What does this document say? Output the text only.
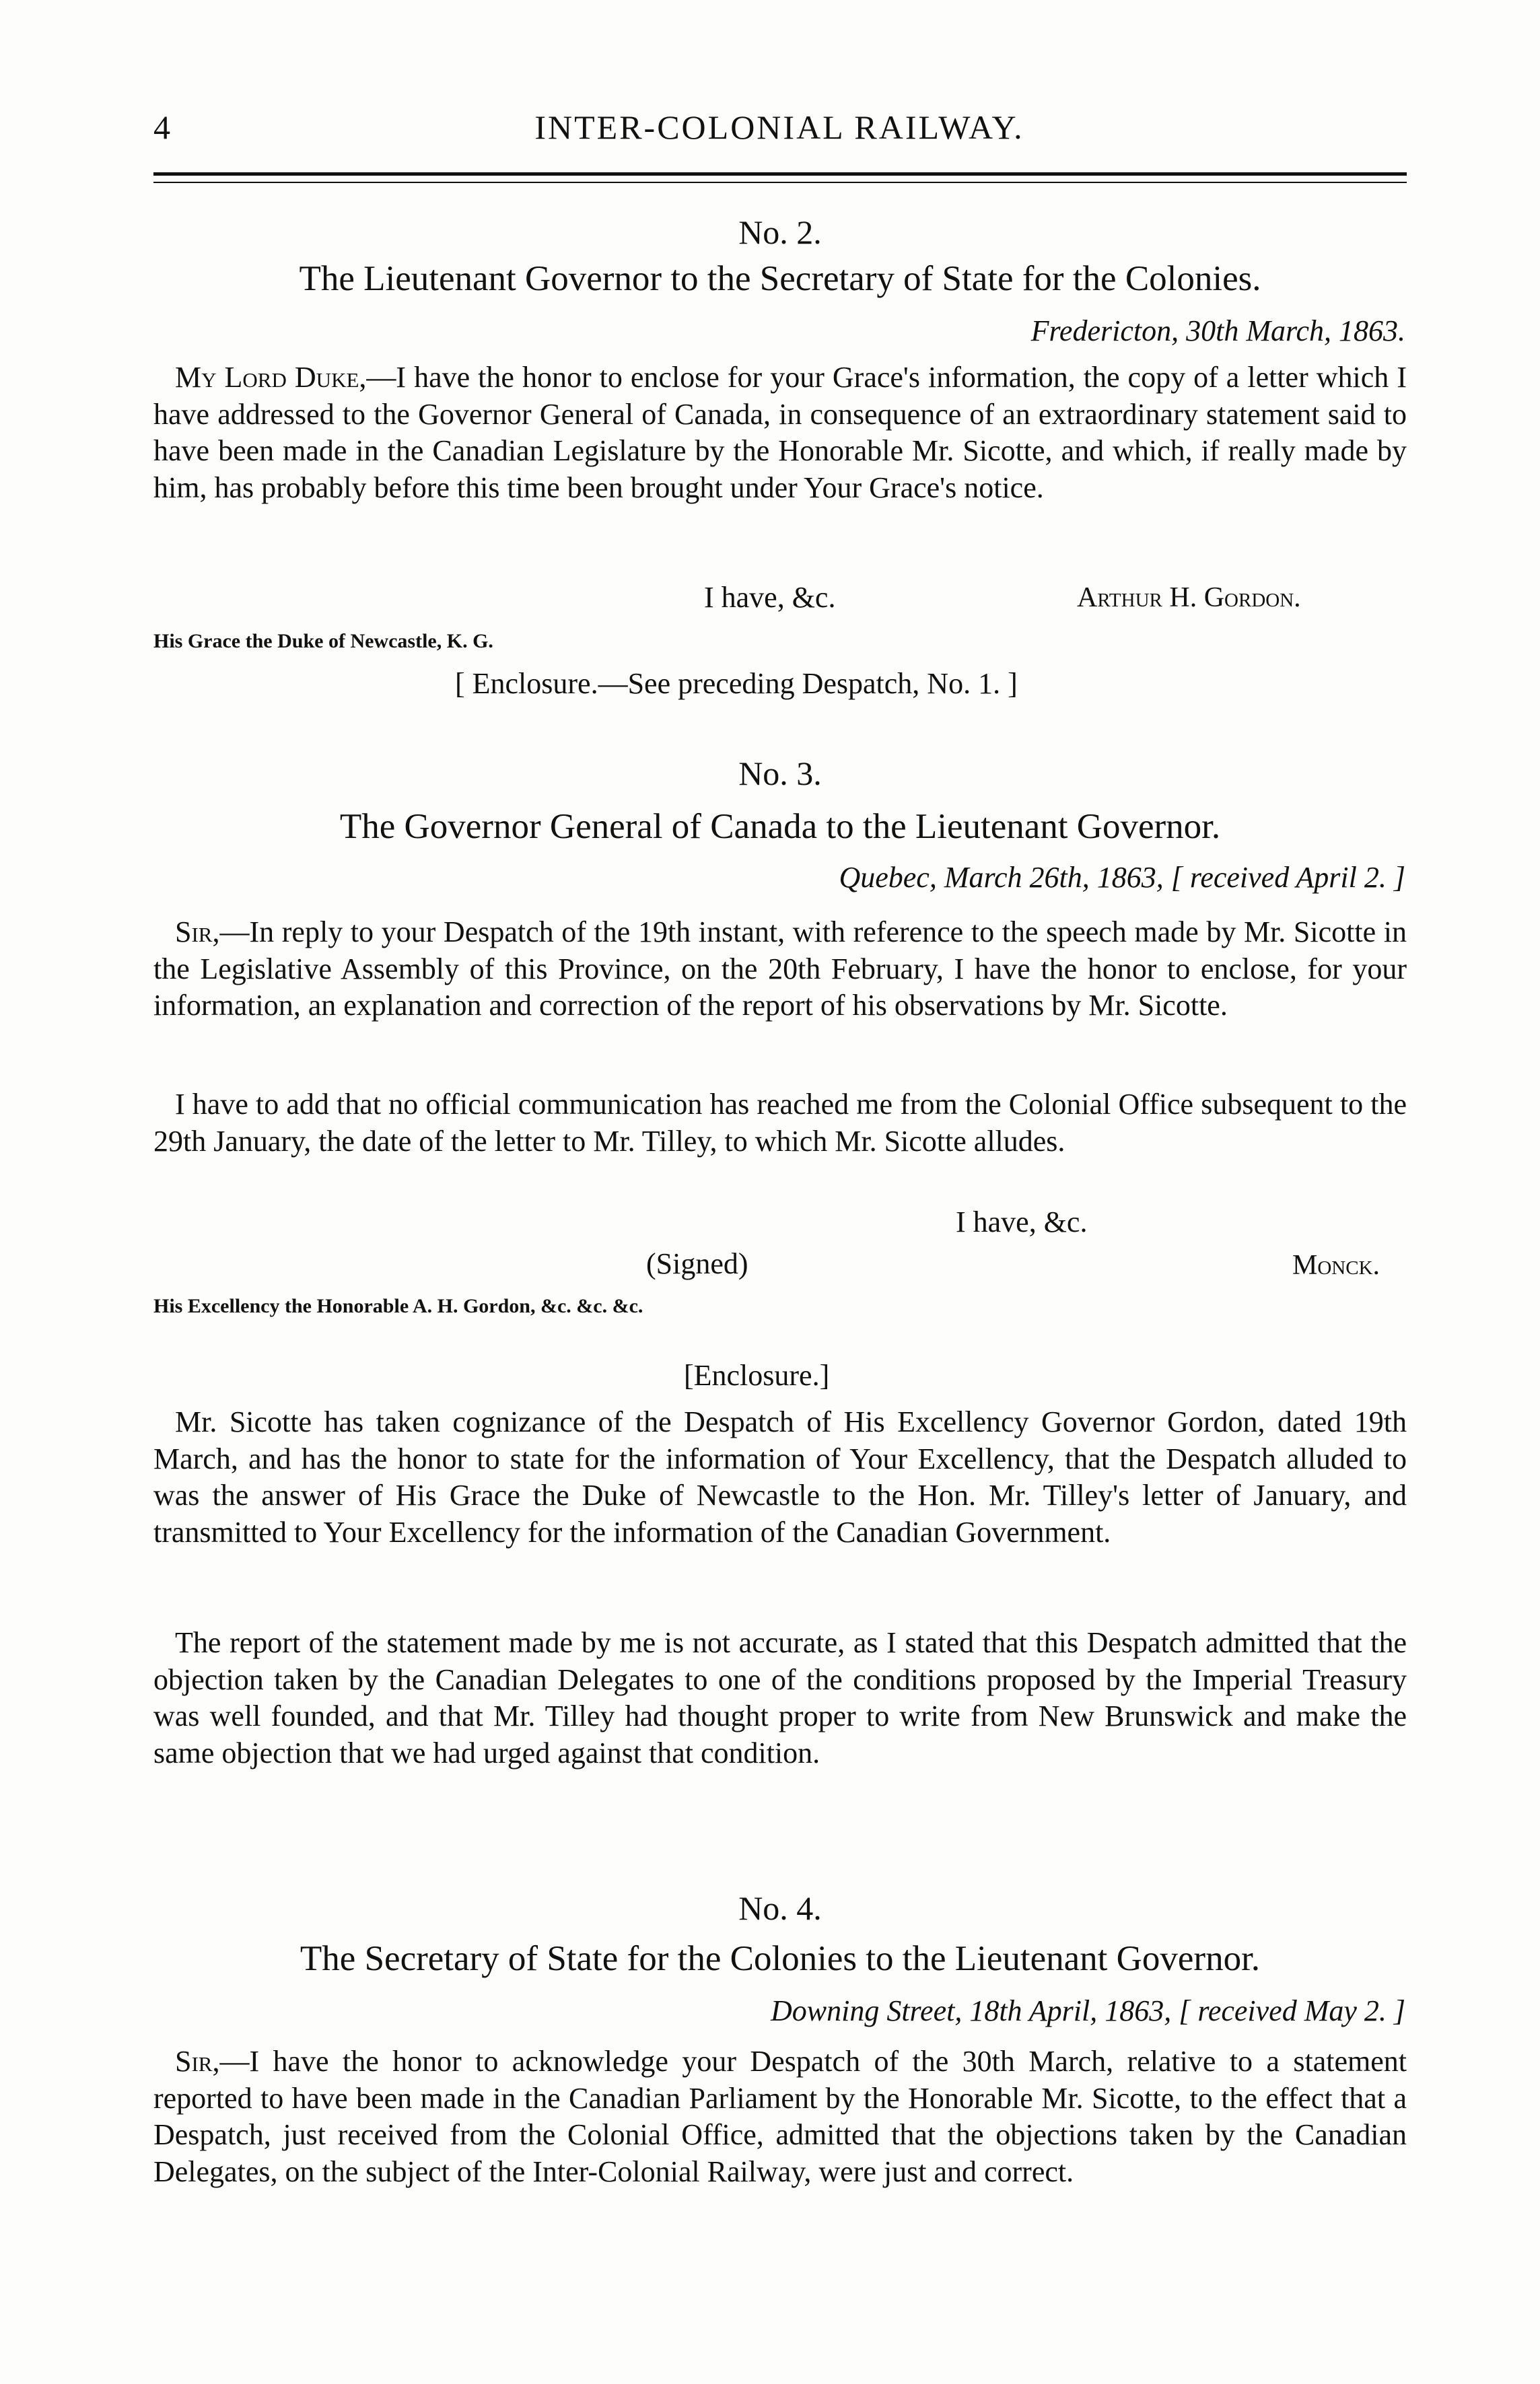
4	INTER-COLONIAL RAILWAY.
No. 2.
The Lieutenant Governor to the Secretary of State for the Colonies.
Fredericton, 30th March, 1863.

My Lord Duke,—I have the honor to enclose for your Grace's information, the copy of a letter which I have addressed to the Governor General of Canada, in consequence of an extraordinary statement said to have been made in the Canadian Legislature by the Honorable Mr. Sicotte, and which, if really made by him, has probably before this time been brought under Your Grace's notice.

I have, &c.	Arthur H. Gordon.
His Grace the Duke of Newcastle, K. G.
[ Enclosure.—See preceding Despatch, No. 1. ]
No. 3.
The Governor General of Canada to the Lieutenant Governor.
Quebec, March 26th, 1863, [ received April 2. ]

Sir,—In reply to your Despatch of the 19th instant, with reference to the speech made by Mr. Sicotte in the Legislative Assembly of this Province, on the 20th February, I have the honor to enclose, for your information, an explanation and correction of the report of his observations by Mr. Sicotte.

I have to add that no official communication has reached me from the Colonial Office subsequent to the 29th January, the date of the letter to Mr. Tilley, to which Mr. Sicotte alludes.

I have, &c.
(Signed)	Monck.
His Excellency the Honorable A. H. Gordon, &c. &c. &c.
[Enclosure.]

Mr. Sicotte has taken cognizance of the Despatch of His Excellency Governor Gordon, dated 19th March, and has the honor to state for the information of Your Excellency, that the Despatch alluded to was the answer of His Grace the Duke of Newcastle to the Hon. Mr. Tilley's letter of January, and transmitted to Your Excellency for the information of the Canadian Government.

The report of the statement made by me is not accurate, as I stated that this Despatch admitted that the objection taken by the Canadian Delegates to one of the conditions proposed by the Imperial Treasury was well founded, and that Mr. Tilley had thought proper to write from New Brunswick and make the same objection that we had urged against that condition.

No. 4.
The Secretary of State for the Colonies to the Lieutenant Governor.
Downing Street, 18th April, 1863, [ received May 2. ]

Sir,—I have the honor to acknowledge your Despatch of the 30th March, relative to a statement reported to have been made in the Canadian Parliament by the Honorable Mr. Sicotte, to the effect that a Despatch, just received from the Colonial Office, admitted that the objections taken by the Canadian Delegates, on the subject of the Inter-Colonial Railway, were just and correct.
